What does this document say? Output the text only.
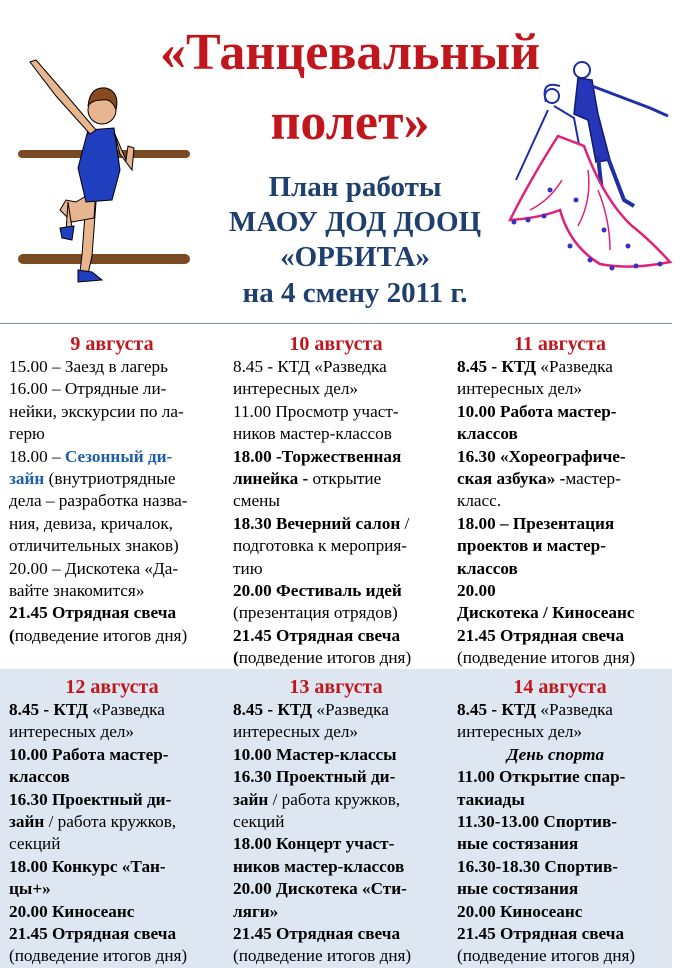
«Танцевальный
полет»
План работы
МАОУ ДОД ДООЦ
«ОРБИТА»
на 4 смену 2011 г.
9 августа
15.00 – Заезд в лагерь
16.00 – Отрядные ли-
нейки, экскурсии по ла-
герю
18.00 – Сезонный ди-
зайн (внутриотрядные
дела – разработка назва-
ния, девиза, кричалок,
отличительных знаков)
20.00 – Дискотека «Да-
вайте знакомится»
21.45 Отрядная свеча
(подведение итогов дня)
10 августа
8.45 - КТД «Разведка
интересных дел»
11.00 Просмотр участ-
ников мастер-классов
18.00 -Торжественная
линейка - открытие
смены
18.30 Вечерний салон /
подготовка к мероприя-
тию
20.00 Фестиваль идей
(презентация отрядов)
21.45 Отрядная свеча
(подведение итогов дня)
11 августа
8.45 - КТД «Разведка
интересных дел»
10.00 Работа мастер-
классов
16.30 «Хореографиче-
ская азбука» -мастер-
класс.
18.00 – Презентация
проектов и мастер-
классов
20.00
Дискотека / Киносеанс
21.45 Отрядная свеча
(подведение итогов дня)
12 августа
8.45 - КТД «Разведка
интересных дел»
10.00 Работа мастер-
классов
16.30 Проектный ди-
зайн / работа кружков,
секций
18.00 Конкурс «Тан-
цы+»
20.00 Киносеанс
21.45 Отрядная свеча
(подведение итогов дня)
13 августа
8.45 - КТД «Разведка
интересных дел»
10.00 Мастер-классы
16.30 Проектный ди-
зайн / работа кружков,
секций
18.00 Концерт участ-
ников мастер-классов
20.00 Дискотека «Сти-
ляги»
21.45 Отрядная свеча
(подведение итогов дня)
14 августа
8.45 - КТД «Разведка
интересных дел»
День спорта
11.00 Открытие спар-
такиады
11.30-13.00 Спортив-
ные состязания
16.30-18.30 Спортив-
ные состязания
20.00 Киносеанс
21.45 Отрядная свеча
(подведение итогов дня)
